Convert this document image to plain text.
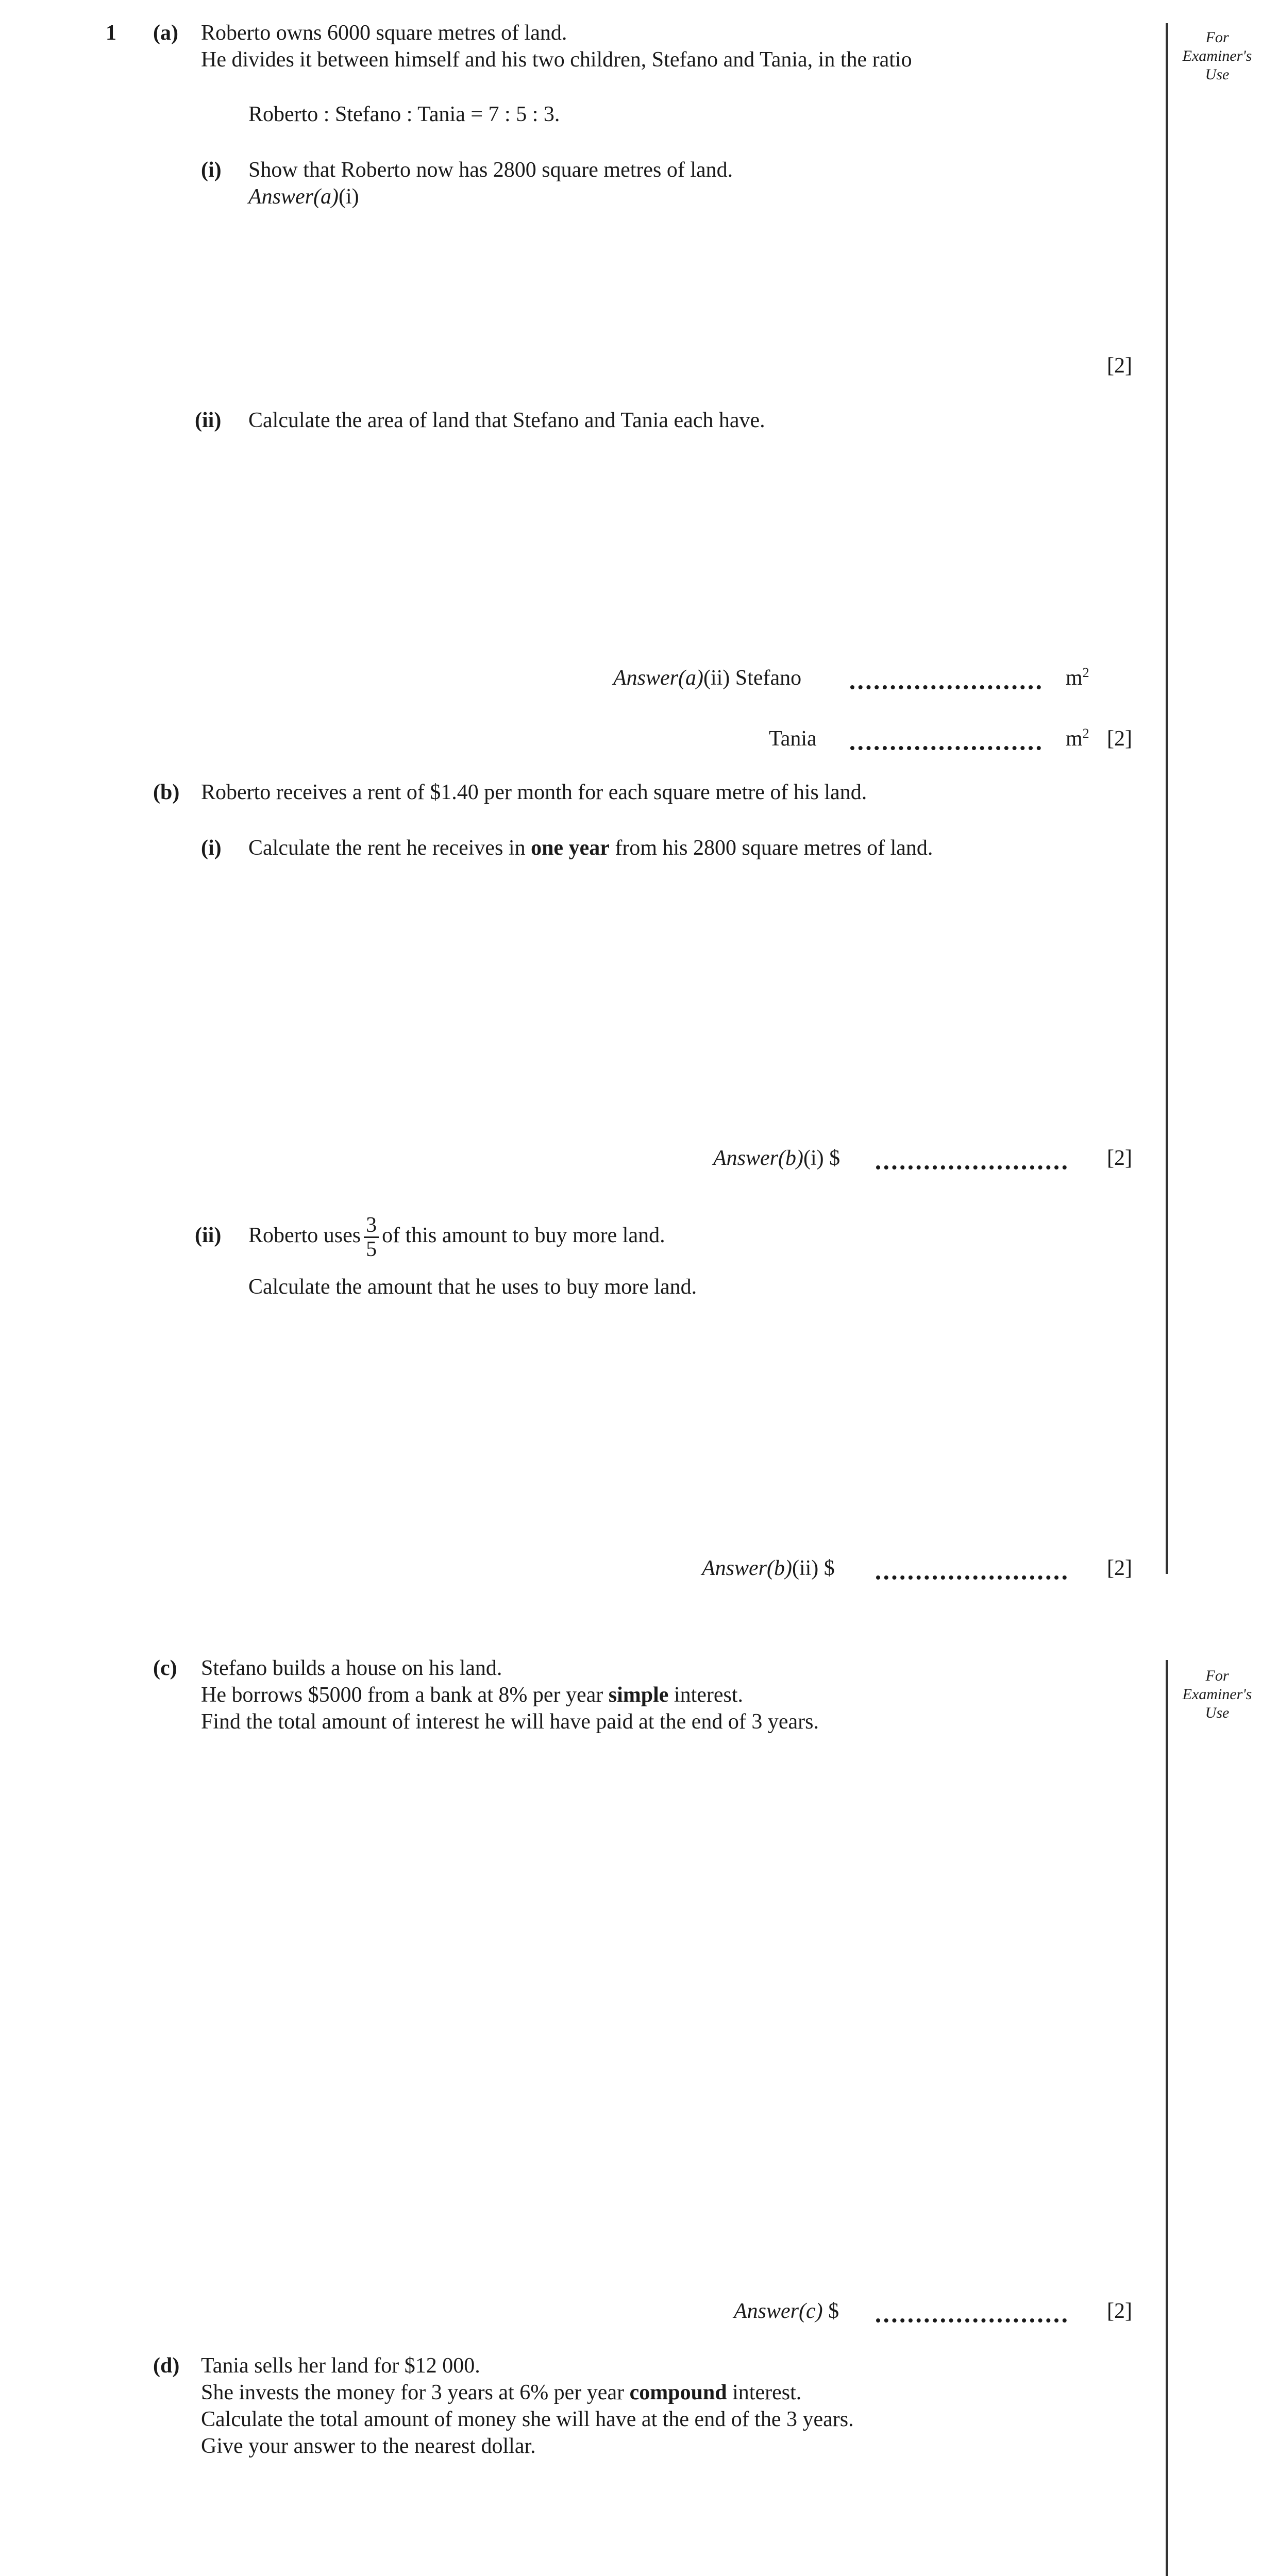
For
Examiner's
Use
1 (a) Roberto owns 6000 square metres of land.
He divides it between himself and his two children, Stefano and Tania, in the ratio
Roberto : Stefano : Tania = 7 : 5 : 3.
(i) Show that Roberto now has 2800 square metres of land.
Answer(a)(i)
[2]
(ii) Calculate the area of land that Stefano and Tania each have.
Answer(a)(ii) Stefano	$m^2$
Tania	$m^2$ [2]
(b) Roberto receives a rent of $1.40 per month for each square metre of his land.
(i) Calculate the rent he receives in one year from his 2800 square metres of land.
Answer(b)(i) $	[2]
(ii) Roberto uses $\frac{3}{5}$ of this amount to buy more land.
Calculate the amount that he uses to buy more land.
Answer(b)(ii) $	[2]
For
Examiner's
Use
(c) Stefano builds a house on his land.
He borrows $5000 from a bank at 8% per year simple interest.
Find the total amount of interest he will have paid at the end of 3 years.
Answer(c) $	[2]
(d) Tania sells her land for $12 000.
She invests the money for 3 years at 6% per year compound interest.
Calculate the total amount of money she will have at the end of the 3 years.
Give your answer to the nearest dollar.
